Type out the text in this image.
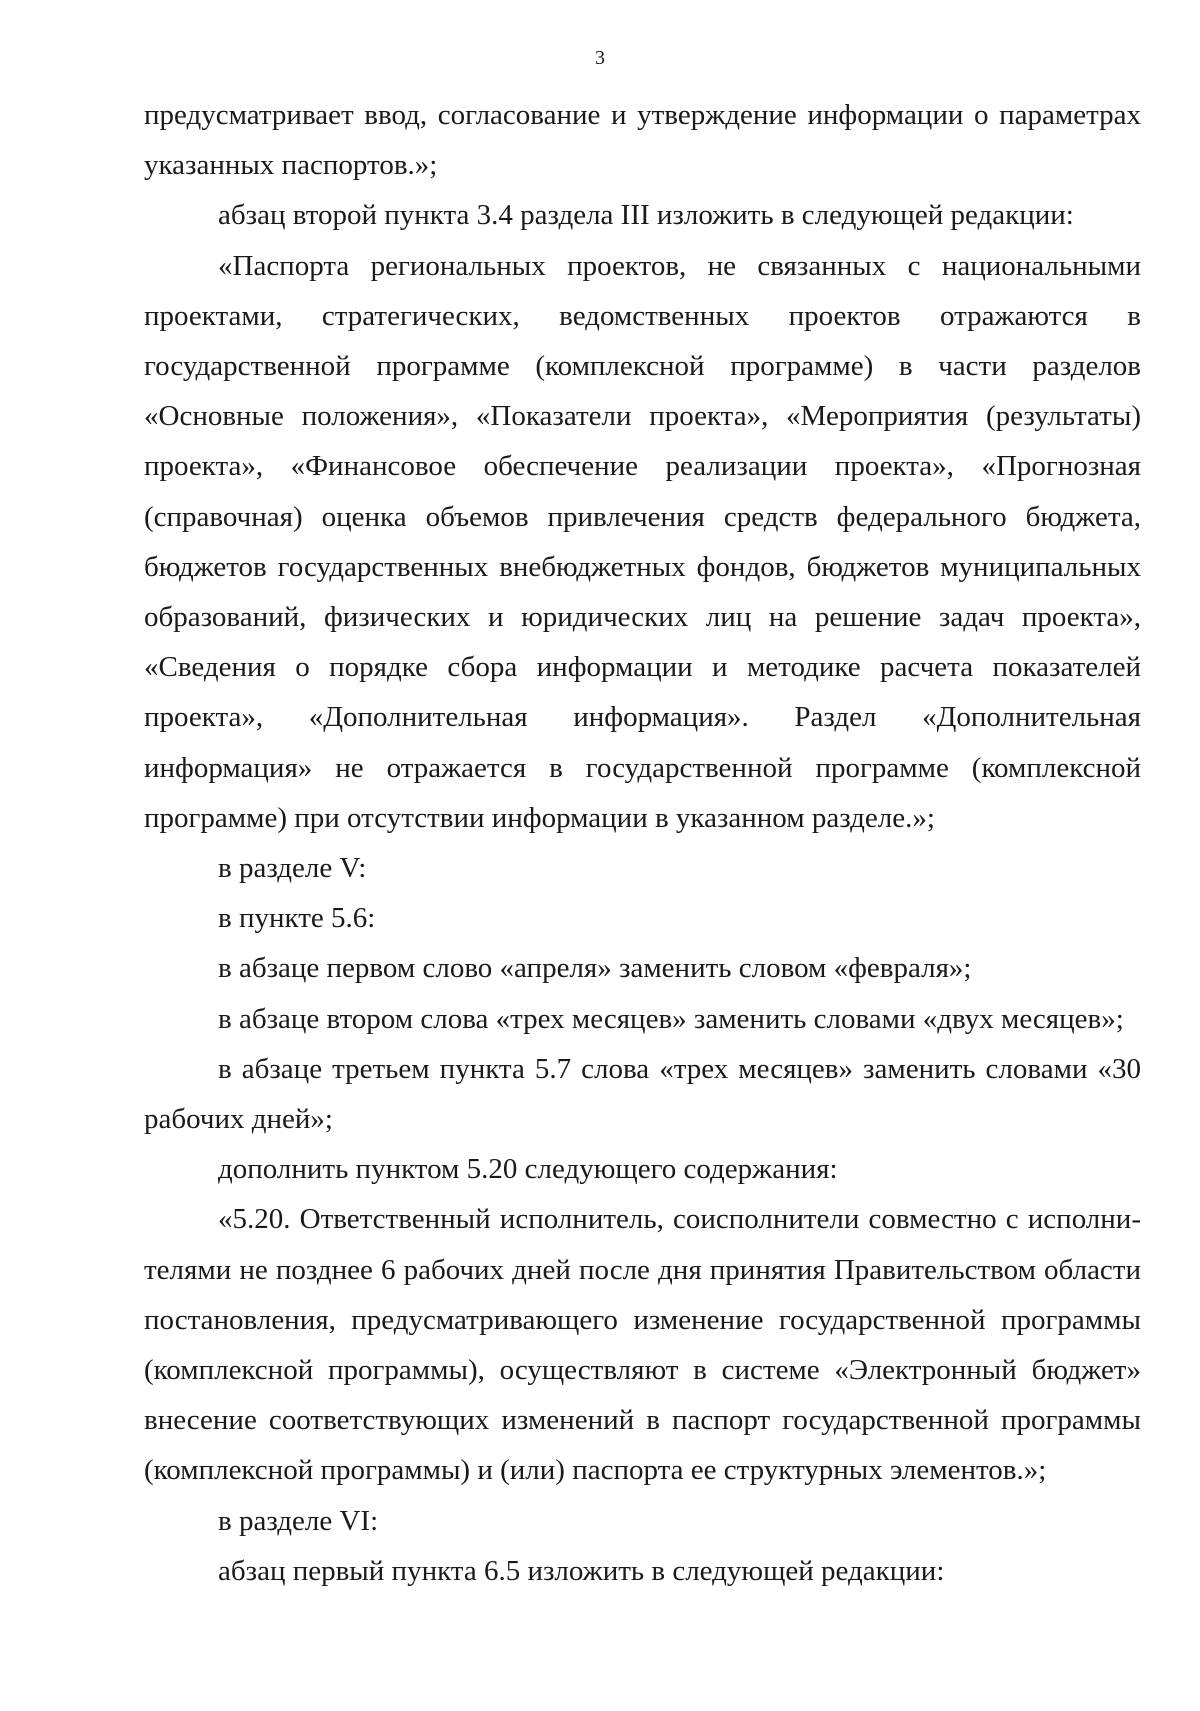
3

предусматривает ввод, согласование и утверждение информации о параметрах указанных паспортов.»;

абзац второй пункта 3.4 раздела III изложить в следующей редакции:

«Паспорта региональных проектов, не связанных с национальными проектами, стратегических, ведомственных проектов отражаются в государственной программе (комплексной программе) в части разделов «Основные положения», «Показатели проекта», «Мероприятия (результаты) проекта», «Финансовое обеспечение реализации проекта», «Прогнозная (справочная) оценка объемов привлечения средств федерального бюджета, бюджетов государственных внебюджетных фондов, бюджетов муниципальных образований, физических и юридических лиц на решение задач проекта», «Сведения о порядке сбора информации и методике расчета показателей проекта», «Дополнительная информация». Раздел «Дополнительная информация» не отражается в государственной программе (комплексной программе) при отсутствии информации в указанном разделе.»;

в разделе V:

в пункте 5.6:

в абзаце первом слово «апреля» заменить словом «февраля»;

в абзаце втором слова «трех месяцев» заменить словами «двух месяцев»;

в абзаце третьем пункта 5.7 слова «трех месяцев» заменить словами «30 рабочих дней»;

дополнить пунктом 5.20 следующего содержания:

«5.20. Ответственный исполнитель, соисполнители совместно с исполнителями не позднее 6 рабочих дней после дня принятия Правительством области постановления, предусматривающего изменение государственной программы (комплексной программы), осуществляют в системе «Электронный бюджет» внесение соответствующих изменений в паспорт государственной программы (комплексной программы) и (или) паспорта ее структурных элементов.»;

в разделе VI:

абзац первый пункта 6.5 изложить в следующей редакции:
